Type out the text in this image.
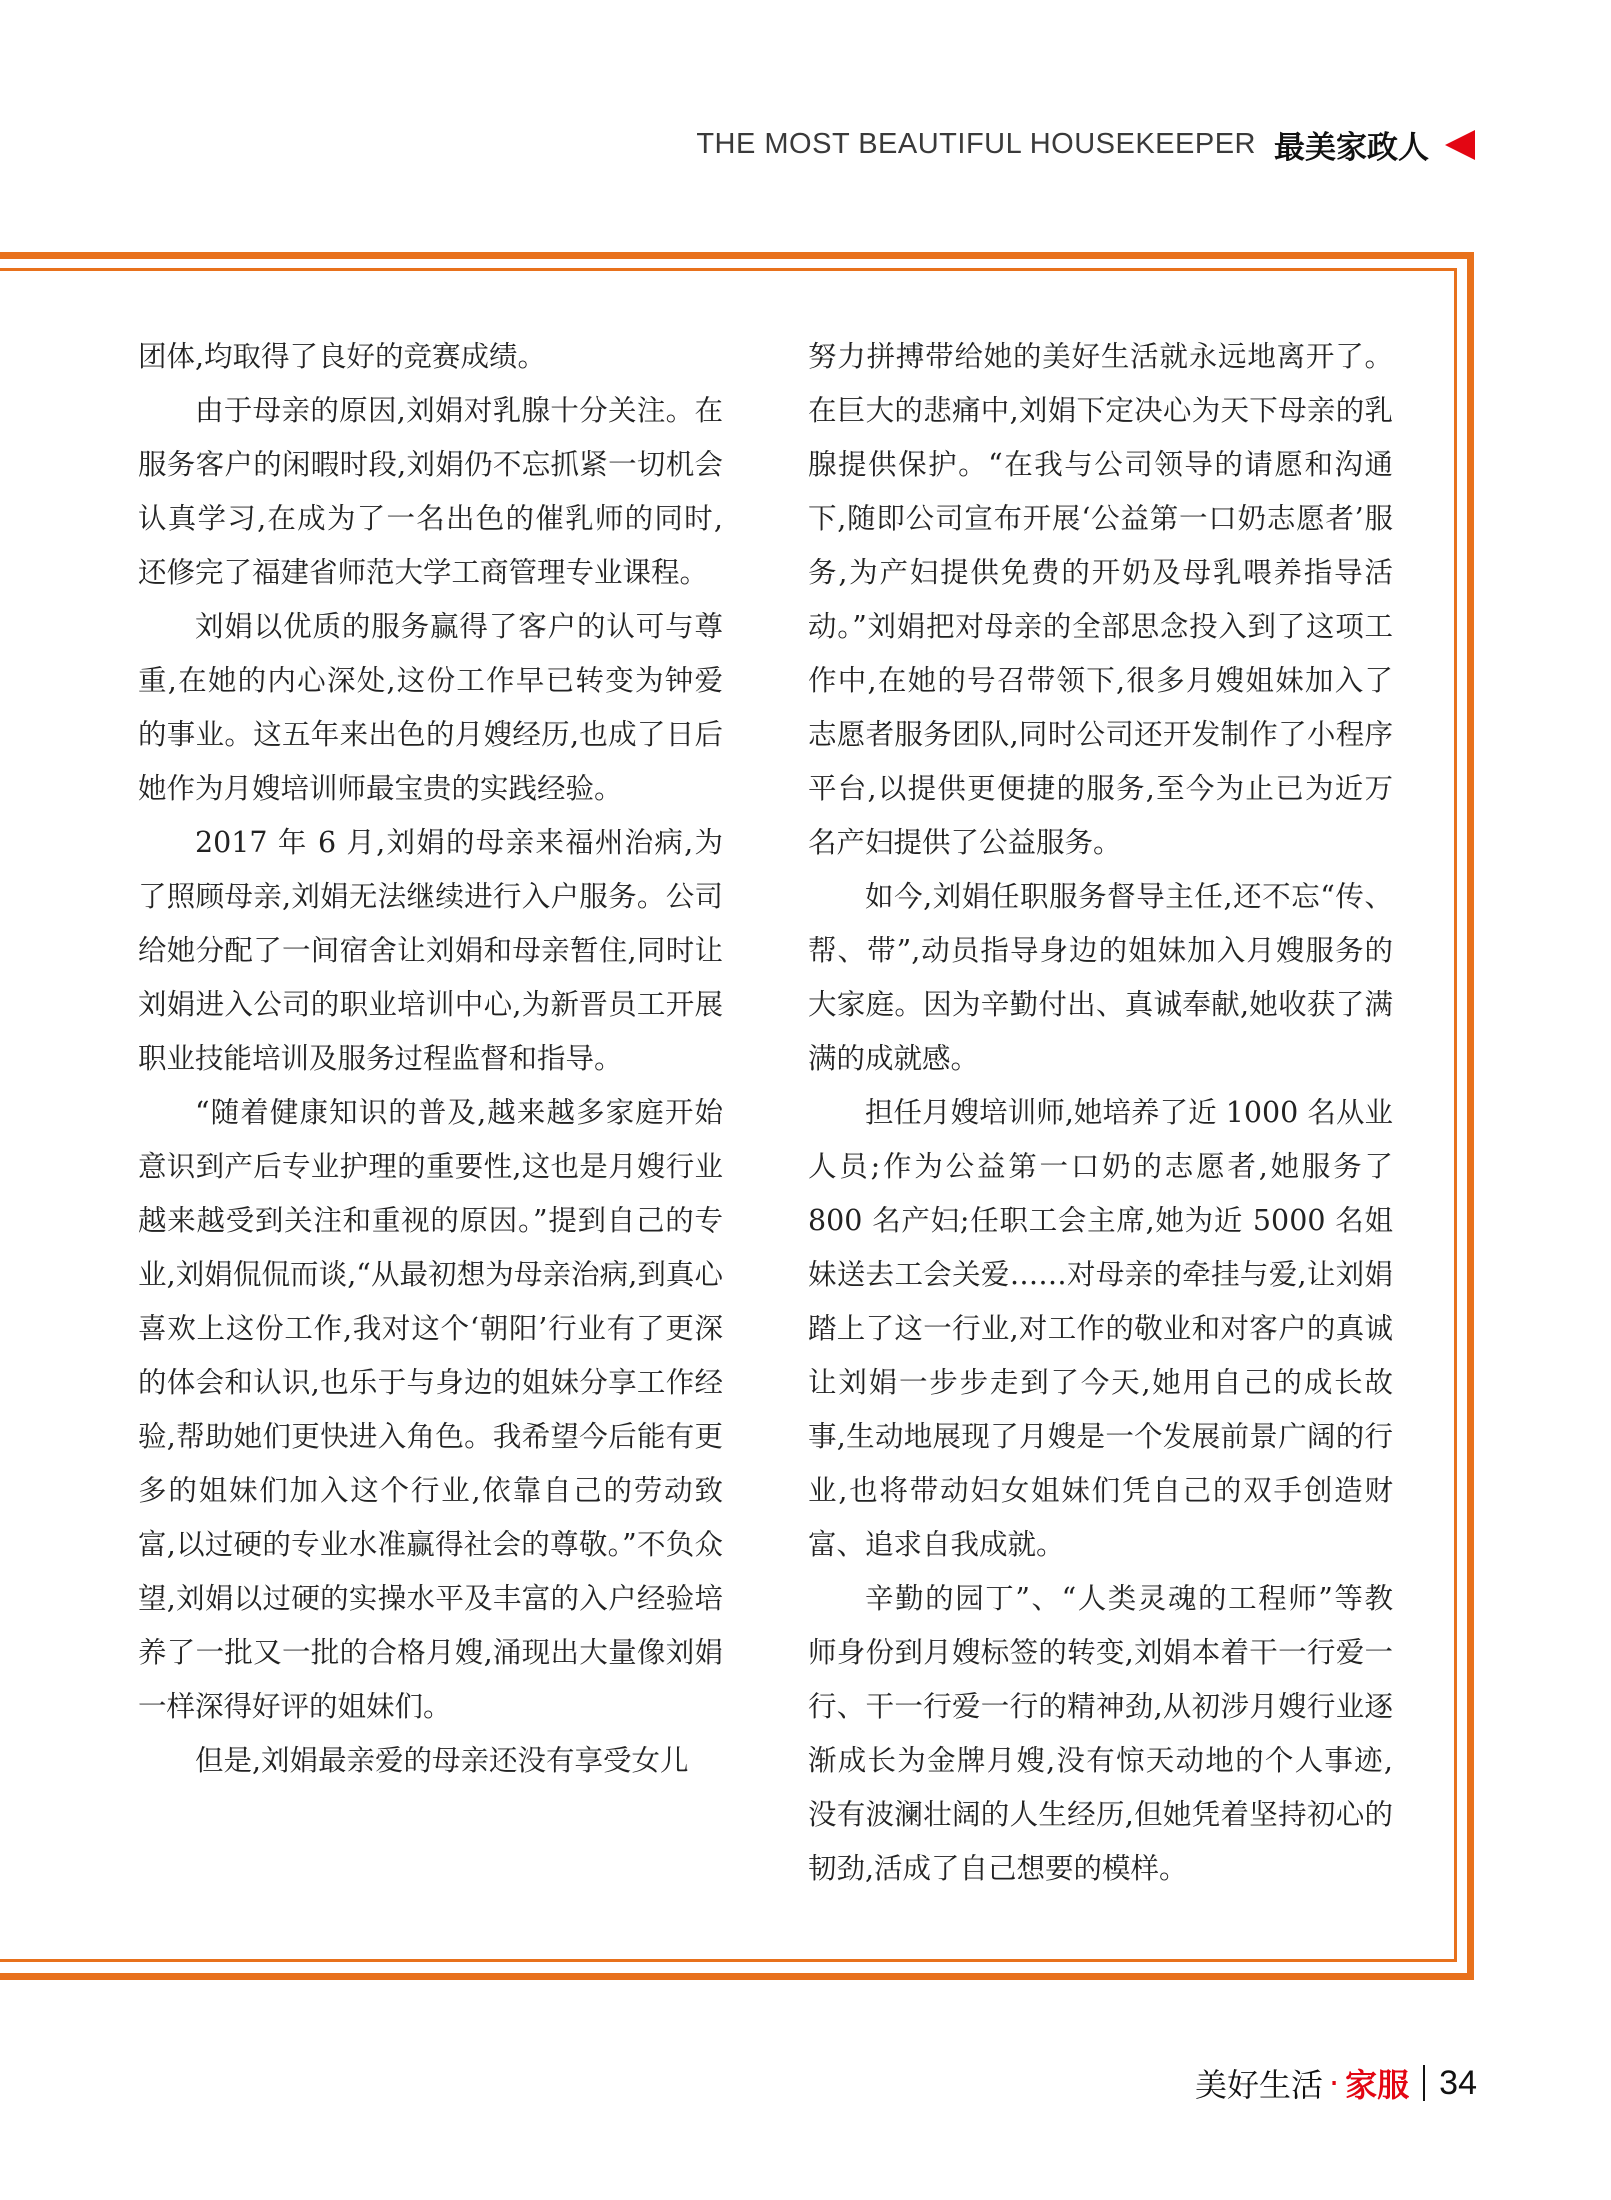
THE MOST BEAUTIFUL HOUSEKEEPER 最美家政人

团体,均取得了良好的竞赛成绩。

由于母亲的原因,刘娟对乳腺十分关注。在服务客户的闲暇时段,刘娟仍不忘抓紧一切机会认真学习,在成为了一名出色的催乳师的同时,还修完了福建省师范大学工商管理专业课程。

刘娟以优质的服务赢得了客户的认可与尊重,在她的内心深处,这份工作早已转变为钟爱的事业。这五年来出色的月嫂经历,也成了日后她作为月嫂培训师最宝贵的实践经验。

2017 年 6 月,刘娟的母亲来福州治病,为了照顾母亲,刘娟无法继续进行入户服务。公司给她分配了一间宿舍让刘娟和母亲暂住,同时让刘娟进入公司的职业培训中心,为新晋员工开展职业技能培训及服务过程监督和指导。

“随着健康知识的普及,越来越多家庭开始意识到产后专业护理的重要性,这也是月嫂行业越来越受到关注和重视的原因。”提到自己的专业,刘娟侃侃而谈,“从最初想为母亲治病,到真心喜欢上这份工作,我对这个‘朝阳’行业有了更深的体会和认识,也乐于与身边的姐妹分享工作经验,帮助她们更快进入角色。我希望今后能有更多的姐妹们加入这个行业,依靠自己的劳动致富,以过硬的专业水准赢得社会的尊敬。”不负众望,刘娟以过硬的实操水平及丰富的入户经验培养了一批又一批的合格月嫂,涌现出大量像刘娟一样深得好评的姐妹们。

但是,刘娟最亲爱的母亲还没有享受女儿

努力拼搏带给她的美好生活就永远地离开了。在巨大的悲痛中,刘娟下定决心为天下母亲的乳腺提供保护。“在我与公司领导的请愿和沟通下,随即公司宣布开展‘公益第一口奶志愿者’服务,为产妇提供免费的开奶及母乳喂养指导活动。”刘娟把对母亲的全部思念投入到了这项工作中,在她的号召带领下,很多月嫂姐妹加入了志愿者服务团队,同时公司还开发制作了小程序平台,以提供更便捷的服务,至今为止已为近万名产妇提供了公益服务。

如今,刘娟任职服务督导主任,还不忘“传、帮、带”,动员指导身边的姐妹加入月嫂服务的大家庭。因为辛勤付出、真诚奉献,她收获了满满的成就感。

担任月嫂培训师,她培养了近 1000 名从业人员;作为公益第一口奶的志愿者,她服务了 800 名产妇;任职工会主席,她为近 5000 名姐妹送去工会关爱……对母亲的牵挂与爱,让刘娟踏上了这一行业,对工作的敬业和对客户的真诚让刘娟一步步走到了今天,她用自己的成长故事,生动地展现了月嫂是一个发展前景广阔的行业,也将带动妇女姐妹们凭自己的双手创造财富、追求自我成就。

辛勤的园丁”、“人类灵魂的工程师”等教师身份到月嫂标签的转变,刘娟本着干一行爱一行、干一行爱一行的精神劲,从初涉月嫂行业逐渐成长为金牌月嫂,没有惊天动地的个人事迹,没有波澜壮阔的人生经历,但她凭着坚持初心的韧劲,活成了自己想要的模样。

美好生活 · 家服 34
